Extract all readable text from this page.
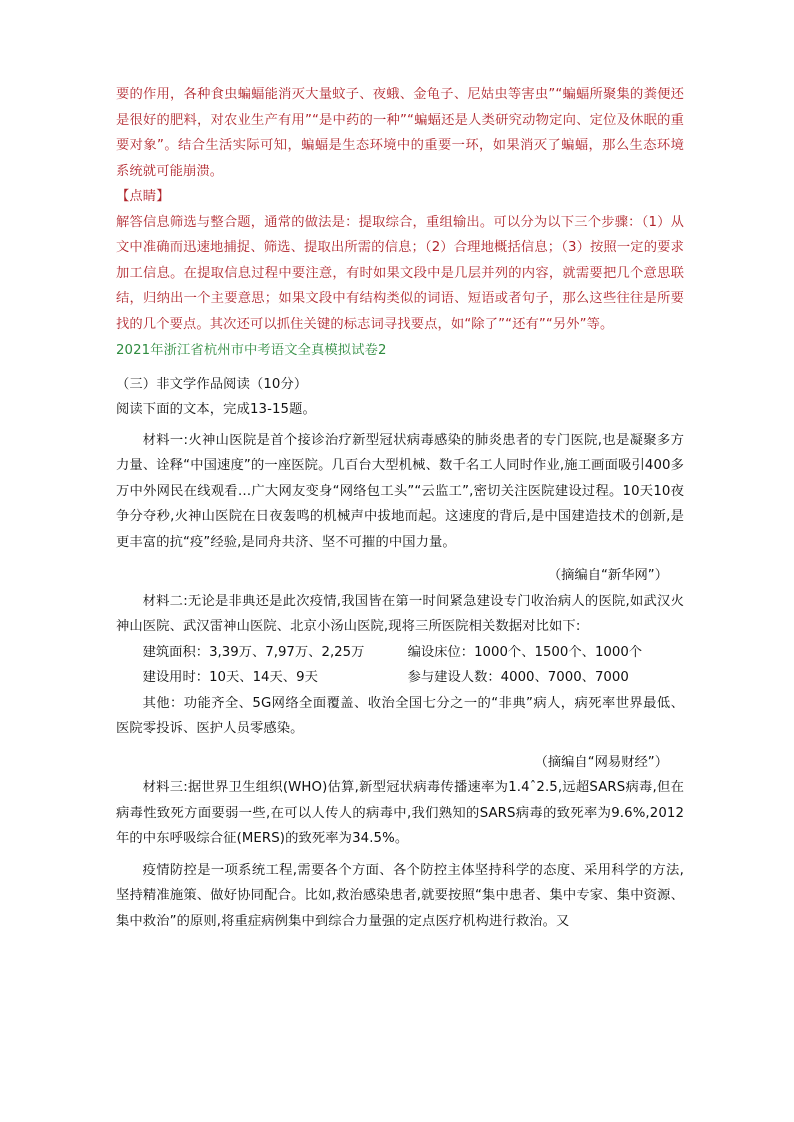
要的作用，各种食虫蝙蝠能消灭大量蚊子、夜蛾、金龟子、尼姑虫等害虫”“蝙蝠所聚集的粪便还是很好的肥料，对农业生产有用”“是中药的一种”“蝙蝠还是人类研究动物定向、定位及休眠的重要对象”。结合生活实际可知，蝙蝠是生态环境中的重要一环，如果消灭了蝙蝠，那么生态环境系统就可能崩溃。

【点睛】

解答信息筛选与整合题，通常的做法是：提取综合，重组输出。可以分为以下三个步骤：（1）从文中准确而迅速地捕捉、筛选、提取出所需的信息；（2）合理地概括信息；（3）按照一定的要求加工信息。在提取信息过程中要注意，有时如果文段中是几层并列的内容，就需要把几个意思联结，归纳出一个主要意思；如果文段中有结构类似的词语、短语或者句子，那么这些往往是所要找的几个要点。其次还可以抓住关键的标志词寻找要点，如“除了”“还有”“另外”等。

2021年浙江省杭州市中考语文全真模拟试卷2

（三）非文学作品阅读（10分）

阅读下面的文本，完成13-15题。

材料一:火神山医院是首个接诊治疗新型冠状病毒感染的肺炎患者的专门医院,也是凝聚多方力量、诠释“中国速度”的一座医院。几百台大型机械、数千名工人同时作业,施工画面吸引400多万中外网民在线观看…广大网友变身“网络包工头”“云监工”,密切关注医院建设过程。10天10夜争分夺秒,火神山医院在日夜轰鸣的机械声中拔地而起。这速度的背后,是中国建造技术的创新,是更丰富的抗“疫”经验,是同舟共济、坚不可摧的中国力量。

（摘编自“新华网”）

材料二:无论是非典还是此次疫情,我国皆在第一时间紧急建设专门收治病人的医院,如武汉火神山医院、武汉雷神山医院、北京小汤山医院,现将三所医院相关数据对比如下:

建筑面积：3,39万、7,97万、2,25万	编设床位：1000个、1500个、1000个
建设用时：10天、14天、9天	参与建设人数：4000、7000、7000

其他：功能齐全、5G网络全面覆盖、收治全国七分之一的“非典”病人，病死率世界最低、医院零投诉、医护人员零感染。

（摘编自“网易财经”）

材料三:据世界卫生组织(WHO)估算,新型冠状病毒传播速率为1.4ˆ2.5,远超SARS病毒,但在病毒性致死方面要弱一些,在可以人传人的病毒中,我们熟知的SARS病毒的致死率为9.6%,2012年的中东呼吸综合征(MERS)的致死率为34.5%。

疫情防控是一项系统工程,需要各个方面、各个防控主体坚持科学的态度、采用科学的方法,坚持精准施策、做好协同配合。比如,救治感染患者,就要按照“集中患者、集中专家、集中资源、集中救治”的原则,将重症病例集中到综合力量强的定点医疗机构进行救治。又
